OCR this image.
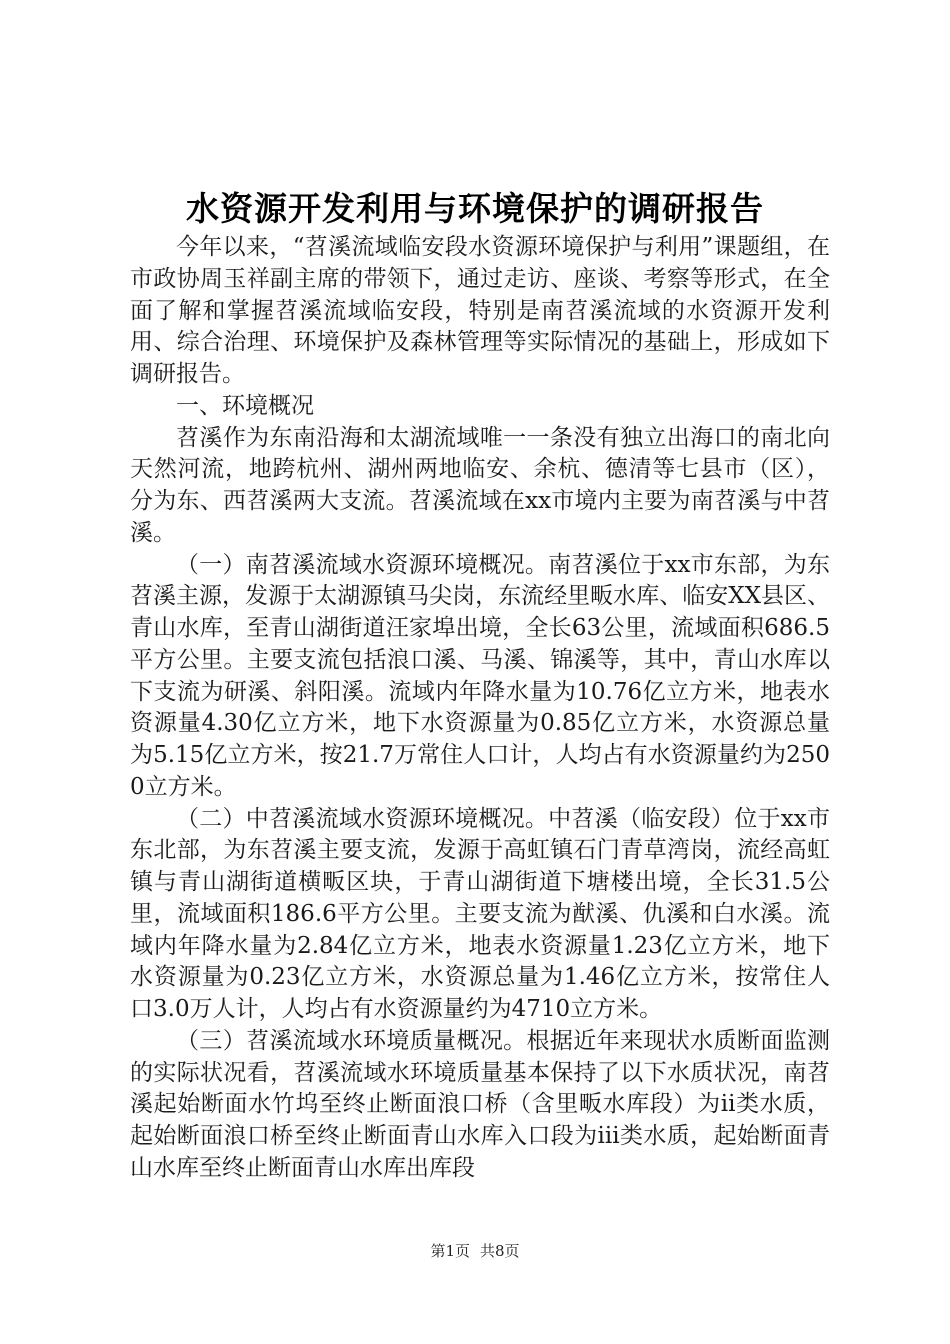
水资源开发利用与环境保护的调研报告

今年以来，“苕溪流域临安段水资源环境保护与利用”课题组，在市政协周玉祥副主席的带领下，通过走访、座谈、考察等形式，在全面了解和掌握苕溪流域临安段，特别是南苕溪流域的水资源开发利用、综合治理、环境保护及森林管理等实际情况的基础上，形成如下调研报告。

一、环境概况

苕溪作为东南沿海和太湖流域唯一一条没有独立出海口的南北向天然河流，地跨杭州、湖州两地临安、余杭、德清等七县市（区），分为东、西苕溪两大支流。苕溪流域在xx市境内主要为南苕溪与中苕溪。

（一）南苕溪流域水资源环境概况。南苕溪位于xx市东部，为东苕溪主源，发源于太湖源镇马尖岗，东流经里畈水库、临安XX县区、青山水库，至青山湖街道汪家埠出境，全长63公里，流域面积686.5平方公里。主要支流包括浪口溪、马溪、锦溪等，其中，青山水库以下支流为研溪、斜阳溪。流域内年降水量为10.76亿立方米，地表水资源量4.30亿立方米，地下水资源量为0.85亿立方米，水资源总量为5.15亿立方米，按21.7万常住人口计，人均占有水资源量约为2500立方米。

（二）中苕溪流域水资源环境概况。中苕溪（临安段）位于xx市东北部，为东苕溪主要支流，发源于高虹镇石门青草湾岗，流经高虹镇与青山湖街道横畈区块，于青山湖街道下塘楼出境，全长31.5公里，流域面积186.6平方公里。主要支流为猷溪、仇溪和白水溪。流域内年降水量为2.84亿立方米，地表水资源量1.23亿立方米，地下水资源量为0.23亿立方米，水资源总量为1.46亿立方米，按常住人口3.0万人计，人均占有水资源量约为4710立方米。

（三）苕溪流域水环境质量概况。根据近年来现状水质断面监测的实际状况看，苕溪流域水环境质量基本保持了以下水质状况，南苕溪起始断面水竹坞至终止断面浪口桥（含里畈水库段）为ii类水质，起始断面浪口桥至终止断面青山水库入口段为iii类水质，起始断面青山水库至终止断面青山水库出库段

第1页 共8页
